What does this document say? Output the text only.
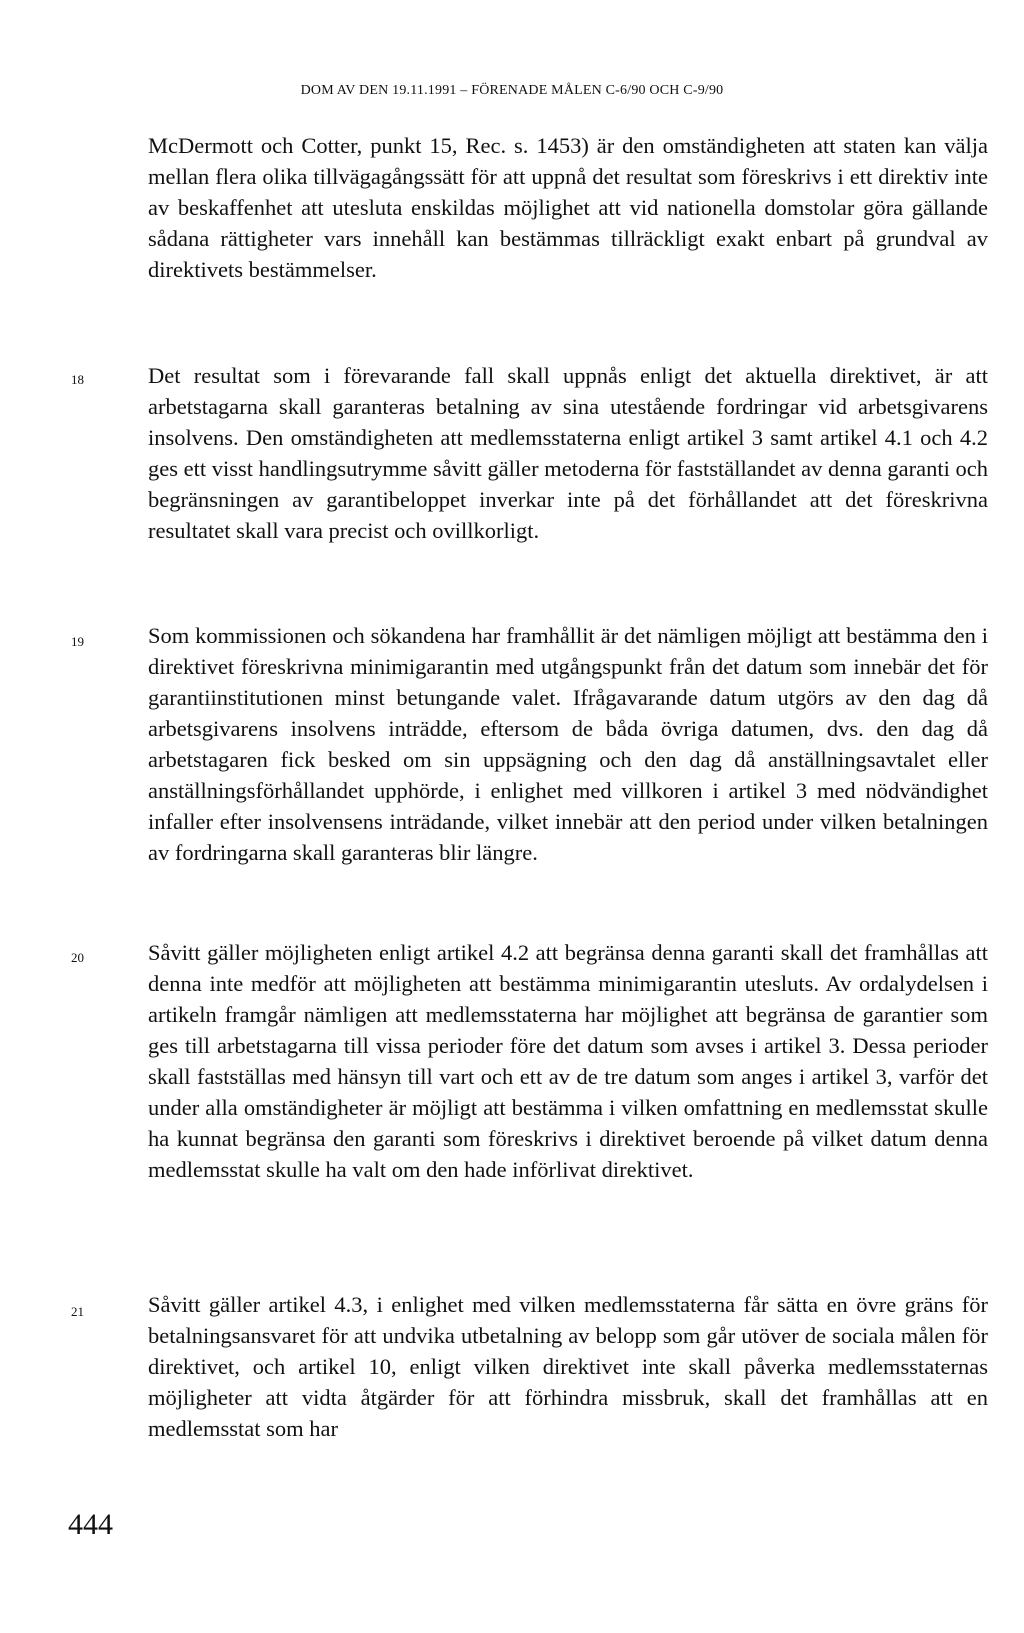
DOM AV DEN 19.11.1991 – FÖRENADE MÅLEN C-6/90 OCH C-9/90

McDermott och Cotter, punkt 15, Rec. s. 1453) är den omständigheten att staten kan välja mellan flera olika tillvägagångssätt för att uppnå det resultat som föreskrivs i ett direktiv inte av beskaffenhet att utesluta enskildas möjlighet att vid nationella domstolar göra gällande sådana rättigheter vars innehåll kan bestämmas tillräckligt exakt enbart på grundval av direktivets bestämmelser.

18	Det resultat som i förevarande fall skall uppnås enligt det aktuella direktivet, är att arbetstagarna skall garanteras betalning av sina utestående fordringar vid arbetsgivarens insolvens. Den omständigheten att medlemsstaterna enligt artikel 3 samt artikel 4.1 och 4.2 ges ett visst handlingsutrymme såvitt gäller metoderna för fastställandet av denna garanti och begränsningen av garantibeloppet inverkar inte på det förhållandet att det föreskrivna resultatet skall vara precist och ovillkorligt.

19	Som kommissionen och sökandena har framhållit är det nämligen möjligt att bestämma den i direktivet föreskrivna minimigarantin med utgångspunkt från det datum som innebär det för garantiinstitutionen minst betungande valet. Ifrågavarande datum utgörs av den dag då arbetsgivarens insolvens inträdde, eftersom de båda övriga datumen, dvs. den dag då arbetstagaren fick besked om sin uppsägning och den dag då anställningsavtalet eller anställningsförhållandet upphörde, i enlighet med villkoren i artikel 3 med nödvändighet infaller efter insolvensens inträdande, vilket innebär att den period under vilken betalningen av fordringarna skall garanteras blir längre.

20	Såvitt gäller möjligheten enligt artikel 4.2 att begränsa denna garanti skall det framhållas att denna inte medför att möjligheten att bestämma minimigarantin utesluts. Av ordalydelsen i artikeln framgår nämligen att medlemsstaterna har möjlighet att begränsa de garantier som ges till arbetstagarna till vissa perioder före det datum som avses i artikel 3. Dessa perioder skall fastställas med hänsyn till vart och ett av de tre datum som anges i artikel 3, varför det under alla omständigheter är möjligt att bestämma i vilken omfattning en medlemsstat skulle ha kunnat begränsa den garanti som föreskrivs i direktivet beroende på vilket datum denna medlemsstat skulle ha valt om den hade införlivat direktivet.

21	Såvitt gäller artikel 4.3, i enlighet med vilken medlemsstaterna får sätta en övre gräns för betalningsansvaret för att undvika utbetalning av belopp som går utöver de sociala målen för direktivet, och artikel 10, enligt vilken direktivet inte skall påverka medlemsstaternas möjligheter att vidta åtgärder för att förhindra missbruk, skall det framhållas att en medlemsstat som har

444
